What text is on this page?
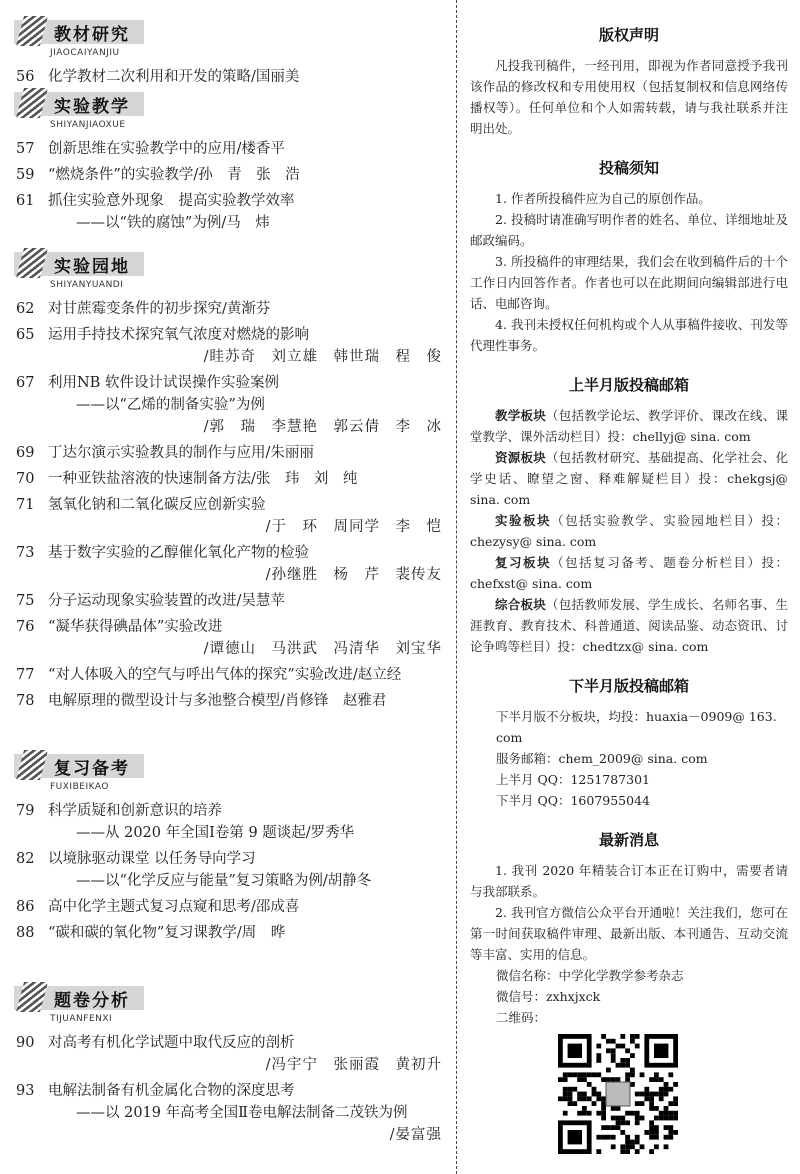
教材研究
JIAOCAIYANJIU
56 化学教材二次利用和开发的策略/国丽美
实验教学
SHIYANJIAOXUE
57 创新思维在实验教学中的应用/楼香平
59 “燃烧条件”的实验教学/孙　青　张　浩
61 抓住实验意外现象　提高实验教学效率
——以“铁的腐蚀”为例/马　炜
实验园地
SHIYANYUANDI
62 对甘蔗霉变条件的初步探究/黄渐芬
65 运用手持技术探究氧气浓度对燃烧的影响
/眭苏奇　刘立雄　韩世瑞　程　俊
67 利用NB 软件设计试误操作实验案例
——以“乙烯的制备实验”为例
/郭　瑞　李慧艳　郭云倩　李　冰
69 丁达尔演示实验教具的制作与应用/朱丽丽
70 一种亚铁盐溶液的快速制备方法/张　玮　刘　纯
71 氢氧化钠和二氧化碳反应创新实验
/于　环　周同学　李　恺
73 基于数字实验的乙醇催化氧化产物的检验
/孙继胜　杨　芹　裴传友
75 分子运动现象实验装置的改进/吴慧苹
76 “凝华获得碘晶体”实验改进
/谭德山　马洪武　冯清华　刘宝华
77 “对人体吸入的空气与呼出气体的探究”实验改进/赵立经
78 电解原理的微型设计与多池整合模型/肖修锋　赵雅君
复习备考
FUXIBEIKAO
79 科学质疑和创新意识的培养
——从 2020 年全国Ⅰ卷第 9 题谈起/罗秀华
82 以境脉驱动课堂 以任务导向学习
——以“化学反应与能量”复习策略为例/胡静冬
86 高中化学主题式复习点窥和思考/邵成喜
88 “碳和碳的氧化物”复习课教学/周　晔
题卷分析
TIJUANFENXI
90 对高考有机化学试题中取代反应的剖析
/冯宇宁　张丽霞　黄初升
93 电解法制备有机金属化合物的深度思考
——以 2019 年高考全国Ⅱ卷电解法制备二茂铁为例
/晏富强
版权声明

凡投我刊稿件，一经刊用，即视为作者同意授予我刊该作品的修改权和专用使用权（包括复制权和信息网络传播权等）。任何单位和个人如需转载，请与我社联系并注明出处。

投稿须知

1. 作者所投稿件应为自己的原创作品。

2. 投稿时请准确写明作者的姓名、单位、详细地址及邮政编码。

3. 所投稿件的审理结果，我们会在收到稿件后的十个工作日内回答作者。作者也可以在此期间向编辑部进行电话、电邮咨询。

4. 我刊未授权任何机构或个人从事稿件接收、刊发等代理性事务。

上半月版投稿邮箱

教学板块（包括教学论坛、教学评价、课改在线、课堂教学、课外活动栏目）投：chellyj@ sina. com

资源板块（包括教材研究、基础提高、化学社会、化学史话、瞭望之窗、释难解疑栏目）投：chekgsj@ sina. com

实验板块（包括实验教学、实验园地栏目）投：chezysy@ sina. com

复习板块（包括复习备考、题卷分析栏目）投：chefxst@ sina. com

综合板块（包括教师发展、学生成长、名师名事、生涯教育、教育技术、科普通道、阅读品鉴、动态资讯、讨论争鸣等栏目）投：chedtzx@ sina. com

下半月版投稿邮箱

下半月版不分板块，均投：huaxia－0909@ 163. com

服务邮箱：chem_2009@ sina. com

上半月 QQ：1251787301

下半月 QQ：1607955044

最新消息

1. 我刊 2020 年精装合订本正在订购中，需要者请与我部联系。

2. 我刊官方微信公众平台开通啦！关注我们，您可在第一时间获取稿件审理、最新出版、本刊通告、互动交流等丰富、实用的信息。

微信名称：中学化学教学参考杂志

微信号：zxhxjxck

二维码：
